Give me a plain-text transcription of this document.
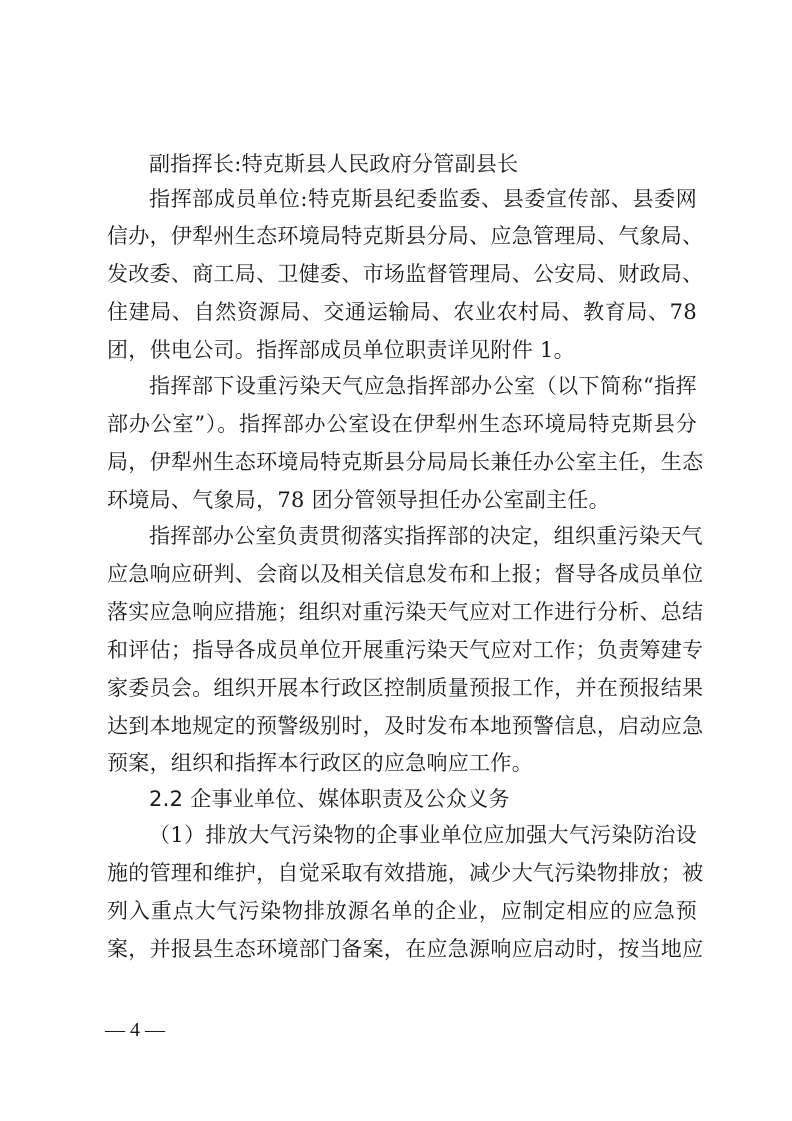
副指挥长:特克斯县人民政府分管副县长
指挥部成员单位:特克斯县纪委监委、县委宣传部、县委网
信办，伊犁州生态环境局特克斯县分局、应急管理局、气象局、
发改委、商工局、卫健委、市场监督管理局、公安局、财政局、
住建局、自然资源局、交通运输局、农业农村局、教育局、78
团，供电公司。指挥部成员单位职责详见附件 1。
指挥部下设重污染天气应急指挥部办公室（以下简称“指挥
部办公室”）。指挥部办公室设在伊犁州生态环境局特克斯县分
局，伊犁州生态环境局特克斯县分局局长兼任办公室主任，生态
环境局、气象局，78 团分管领导担任办公室副主任。
指挥部办公室负责贯彻落实指挥部的决定，组织重污染天气
应急响应研判、会商以及相关信息发布和上报；督导各成员单位
落实应急响应措施；组织对重污染天气应对工作进行分析、总结
和评估；指导各成员单位开展重污染天气应对工作；负责筹建专
家委员会。组织开展本行政区控制质量预报工作，并在预报结果
达到本地规定的预警级别时，及时发布本地预警信息，启动应急
预案，组织和指挥本行政区的应急响应工作。
2.2 企事业单位、媒体职责及公众义务
（1）排放大气污染物的企事业单位应加强大气污染防治设
施的管理和维护，自觉采取有效措施，减少大气污染物排放；被
列入重点大气污染物排放源名单的企业，应制定相应的应急预
案，并报县生态环境部门备案，在应急源响应启动时，按当地应
— 4 —
